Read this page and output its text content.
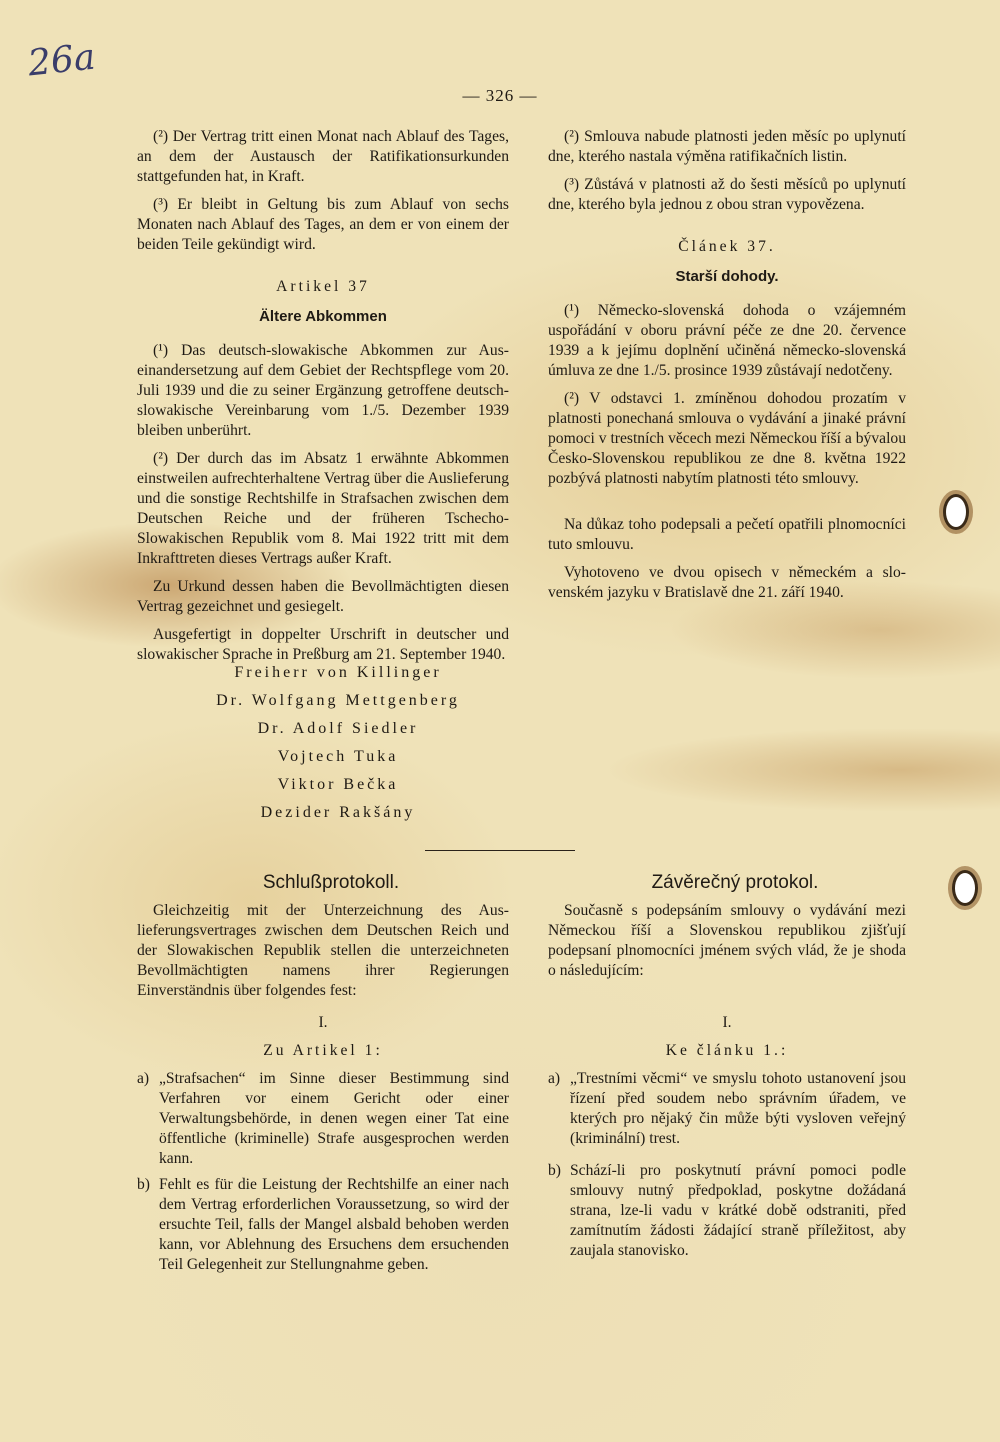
26a
— 326 —

(²) Der Vertrag tritt einen Monat nach Ablauf des Tages, an dem der Austausch der Ratifikationsurkunden stattgefunden hat, in Kraft.

(³) Er bleibt in Geltung bis zum Ablauf von sechs Monaten nach Ablauf des Tages, an dem er von einem der beiden Teile gekündigt wird.

Artikel 37

Ältere Abkommen

(¹) Das deutsch-slowakische Abkommen zur Auseinandersetzung auf dem Gebiet der Rechtspflege vom 20. Juli 1939 und die zu seiner Ergänzung getroffene deutsch-slowakische Vereinbarung vom 1./5. Dezember 1939 bleiben unberührt.

(²) Der durch das im Absatz 1 erwähnte Abkommen einstweilen aufrechterhaltene Vertrag über die Auslieferung und die sonstige Rechtshilfe in Strafsachen zwischen dem Deutschen Reiche und der früheren Tschecho-Slowakischen Republik vom 8. Mai 1922 tritt mit dem Inkrafttreten dieses Vertrags außer Kraft.

Zu Urkund dessen haben die Bevollmächtigten diesen Vertrag gezeichnet und gesiegelt.

Ausgefertigt in doppelter Urschrift in deutscher und slowakischer Sprache in Preßburg am 21. September 1940.

(²) Smlouva nabude platnosti jeden měsíc po uplynutí dne, kterého nastala výměna ratifikačních listin.

(³) Zůstává v platnosti až do šesti měsíců po uplynutí dne, kterého byla jednou z obou stran vypovězena.

Článek 37.

Starší dohody.

(¹) Německo-slovenská dohoda o vzájemném uspořádání v oboru právní péče ze dne 20. července 1939 a k jejímu doplnění učiněná německo-slovenská úmluva ze dne 1./5. prosince 1939 zůstávají nedotčeny.

(²) V odstavci 1. zmíněnou dohodou prozatím v platnosti ponechaná smlouva o vydávání a jinaké právní pomoci v trestních věcech mezi Německou říší a bývalou Česko-Slovenskou republikou ze dne 8. května 1922 pozbývá platnosti nabytím platnosti této smlouvy.

Na důkaz toho podepsali a pečetí opatřili plnomocníci tuto smlouvu.

Vyhotoveno ve dvou opisech v německém a slovenském jazyku v Bratislavě dne 21. září 1940.

Freiherr von Killinger

Dr. Wolfgang Mettgenberg

Dr. Adolf Siedler

Vojtech Tuka

Viktor Bečka

Dezider Rakšány

Schlußprotokoll.

Gleichzeitig mit der Unterzeichnung des Auslieferungsvertrages zwischen dem Deutschen Reich und der Slowakischen Republik stellen die unterzeichneten Bevollmächtigten namens ihrer Regierungen Einverständnis über folgendes fest:

I.

Zu Artikel 1:

a) „Strafsachen“ im Sinne dieser Bestimmung sind Verfahren vor einem Gericht oder einer Verwaltungsbehörde, in denen wegen einer Tat eine öffentliche (kriminelle) Strafe ausgesprochen werden kann.
b) Fehlt es für die Leistung der Rechtshilfe an einer nach dem Vertrag erforderlichen Voraussetzung, so wird der ersuchte Teil, falls der Mangel alsbald behoben werden kann, vor Ablehnung des Ersuchens dem ersuchenden Teil Gelegenheit zur Stellungnahme geben.

Závěrečný protokol.

Současně s podepsáním smlouvy o vydávání mezi Německou říší a Slovenskou republikou zjišťují podepsaní plnomocníci jménem svých vlád, že je shoda o následujícím:

I.

Ke článku 1.:

a) „Trestními věcmi“ ve smyslu tohoto ustanovení jsou řízení před soudem nebo správním úřadem, ve kterých pro nějaký čin může býti vysloven veřejný (kriminální) trest.
b) Schází-li pro poskytnutí právní pomoci podle smlouvy nutný předpoklad, poskytne dožádaná strana, lze-li vadu v krátké době odstraniti, před zamítnutím žádosti žádající straně příležitost, aby zaujala stanovisko.
